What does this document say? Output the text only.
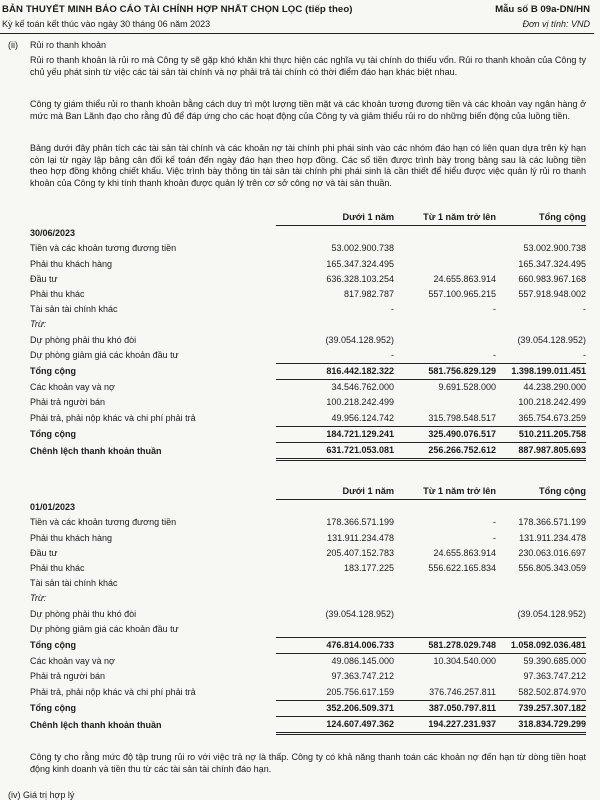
BẢN THUYẾT MINH BÁO CÁO TÀI CHÍNH HỢP NHẤT CHỌN LỌC (tiếp theo)
Kỳ kế toán kết thúc vào ngày 30 tháng 06 năm 2023
Mẫu số B 09a-DN/HN
Đơn vị tính: VND
(ii) Rủi ro thanh khoản
Rủi ro thanh khoản là rủi ro mà Công ty sẽ gặp khó khăn khi thực hiện các nghĩa vụ tài chính do thiếu vốn. Rủi ro thanh khoản của Công ty chủ yếu phát sinh từ việc các tài sản tài chính và nợ phải trả tài chính có thời điểm đáo hạn khác biệt nhau.
Công ty giám thiểu rủi ro thanh khoản bằng cách duy trì một lượng tiền mặt và các khoản tương đương tiền và các khoản vay ngân hàng ở mức mà Ban Lãnh đạo cho rằng đủ để đáp ứng cho các hoạt động của Công ty và giảm thiểu rủi ro do những biến động của luồng tiền.
Bảng dưới đây phân tích các tài sản tài chính và các khoản nợ tài chính phi phái sinh vào các nhóm đáo hạn có liên quan dựa trên kỳ hạn còn lại từ ngày lập bảng cân đối kế toán đến ngày đáo hạn theo hợp đồng. Các số tiền được trình bày trong bảng sau là các luồng tiền theo hợp đồng không chiết khấu. Việc trình bày thông tin tài sản tài chính phi phái sinh là cần thiết để hiểu được việc quản lý rủi ro thanh khoản của Công ty khi tính thanh khoản được quản lý trên cơ sở công nợ và tài sản thuần.
	Dưới 1 năm	Từ 1 năm trở lên	Tổng cộng
30/06/2023			
Tiền và các khoản tương đương tiền	53.002.900.738		53.002.900.738
Phải thu khách hàng	165.347.324.495		165.347.324.495
Đầu tư	636.328.103.254	24.655.863.914	660.983.967.168
Phải thu khác	817.982.787	557.100.965.215	557.918.948.002
Tài sản tài chính khác	-	-	-
Trừ:			
Dự phòng phải thu khó đòi	(39.054.128.952)		(39.054.128.952)
Dự phòng giảm giá các khoản đầu tư	-	-	-
Tổng cộng	816.442.182.322	581.756.829.129	1.398.199.011.451
Các khoản vay và nợ	34.546.762.000	9.691.528.000	44.238.290.000
Phải trả người bán	100.218.242.499		100.218.242.499
Phải trả, phải nộp khác và chi phí phải trả	49.956.124.742	315.798.548.517	365.754.673.259
Tổng cộng	184.721.129.241	325.490.076.517	510.211.205.758
Chênh lệch thanh khoản thuần	631.721.053.081	256.266.752.612	887.987.805.693
	Dưới 1 năm	Từ 1 năm trở lên	Tổng cộng
01/01/2023			
Tiền và các khoản tương đương tiền	178.366.571.199	-	178.366.571.199
Phải thu khách hàng	131.911.234.478	-	131.911.234.478
Đầu tư	205.407.152.783	24.655.863.914	230.063.016.697
Phải thu khác	183.177.225	556.622.165.834	556.805.343.059
Tài sản tài chính khác			
Trừ:			
Dự phòng phải thu khó đòi	(39.054.128.952)		(39.054.128.952)
Dự phòng giảm giá các khoản đầu tư			
Tổng cộng	476.814.006.733	581.278.029.748	1.058.092.036.481
Các khoản vay và nợ	49.086.145.000	10.304.540.000	59.390.685.000
Phải trả người bán	97.363.747.212		97.363.747.212
Phải trả, phải nộp khác và chi phí phải trả	205.756.617.159	376.746.257.811	582.502.874.970
Tổng cộng	352.206.509.371	387.050.797.811	739.257.307.182
Chênh lệch thanh khoản thuần	124.607.497.362	194.227.231.937	318.834.729.299
Công ty cho rằng mức độ tập trung rủi ro với việc trả nợ là thấp. Công ty có khả năng thanh toán các khoản nợ đến hạn từ dòng tiền hoạt động kinh doanh và tiền thu từ các tài sản tài chính đáo hạn.
(iv) Giá trị hợp lý
